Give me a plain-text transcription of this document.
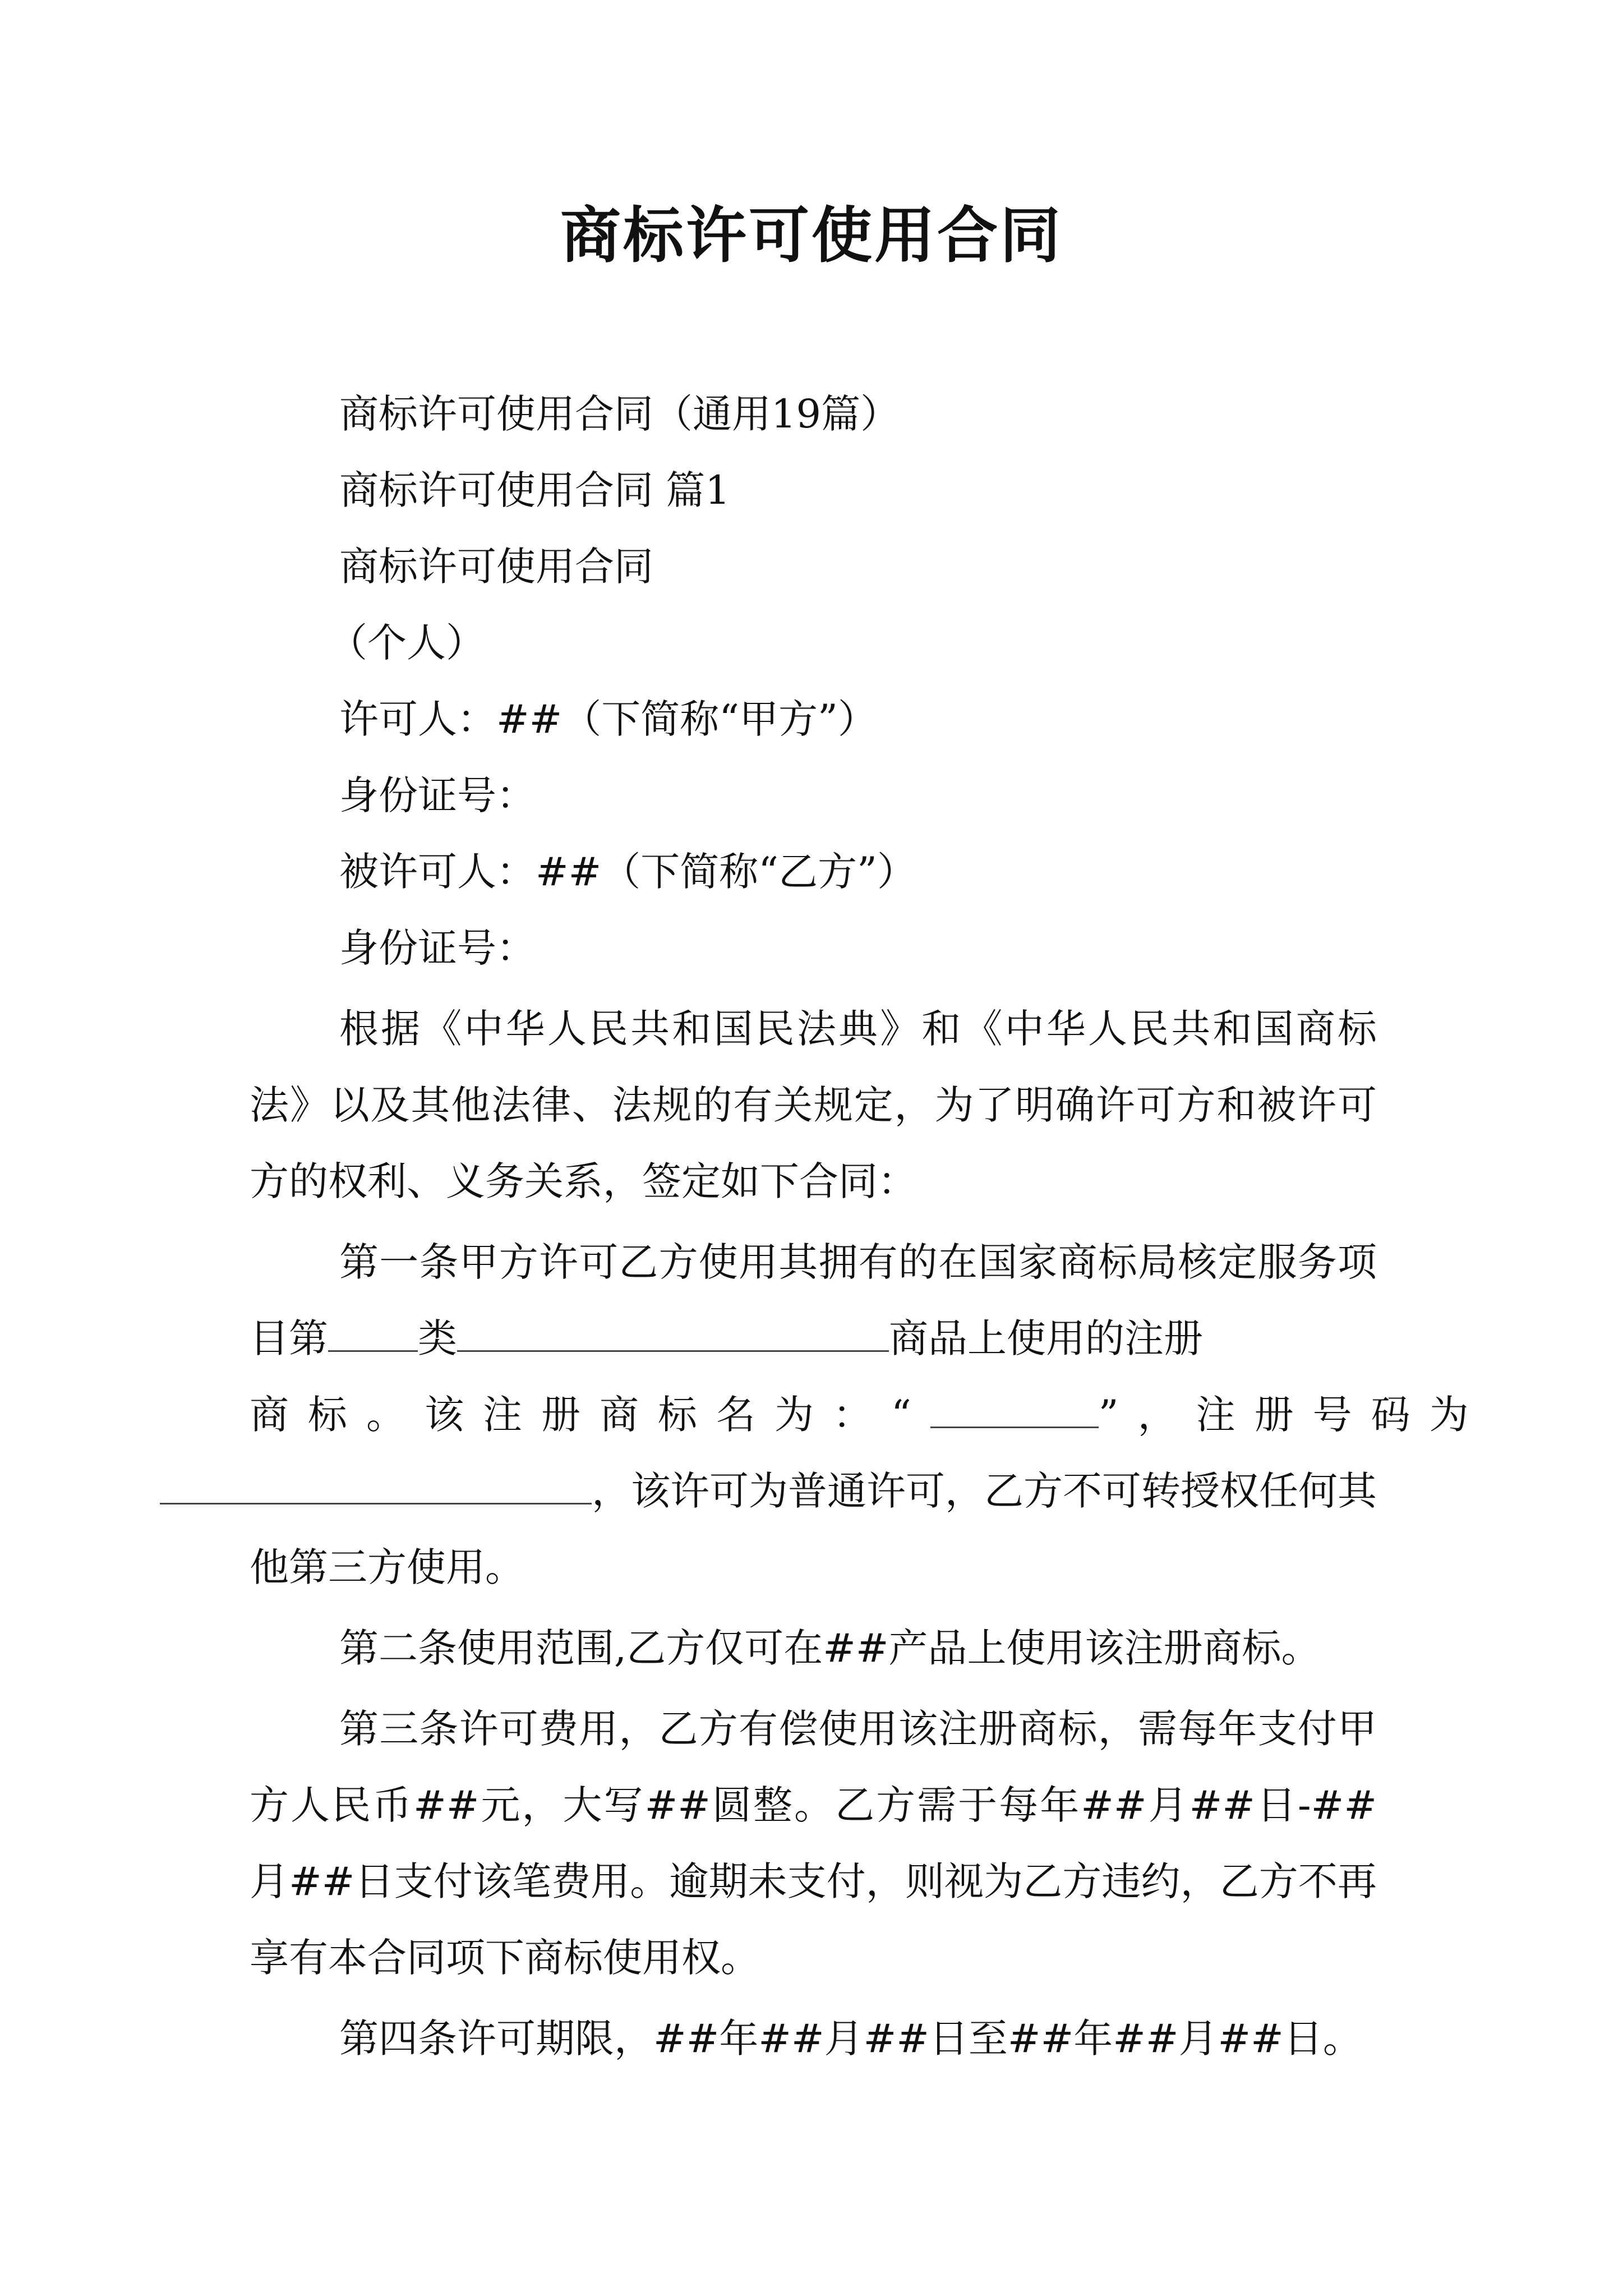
商标许可使用合同
商标许可使用合同（通用19篇）
商标许可使用合同 篇1
商标许可使用合同
（个人）
许可人：##（下简称“甲方”）
身份证号：
被许可人：##（下简称“乙方”）
身份证号：

根据《中华人民共和国民法典》和《中华人民共和国商标法》以及其他法律、法规的有关规定，为了明确许可方和被许可方的权利、义务关系，签定如下合同：

第一条甲方许可乙方使用其拥有的在国家商标局核定服务项目第 类	商品上使用的注册
商标。该注册商标名为：“	”，注册号码为
，该许可为普通许可，乙方不可转授权任何其他第三方使用。

第二条使用范围,乙方仅可在##产品上使用该注册商标。

第三条许可费用，乙方有偿使用该注册商标，需每年支付甲方人民币##元，大写##圆整。乙方需于每年##月##日-##月##日支付该笔费用。逾期未支付，则视为乙方违约，乙方不再享有本合同项下商标使用权。

第四条许可期限，##年##月##日至##年##月##日。
